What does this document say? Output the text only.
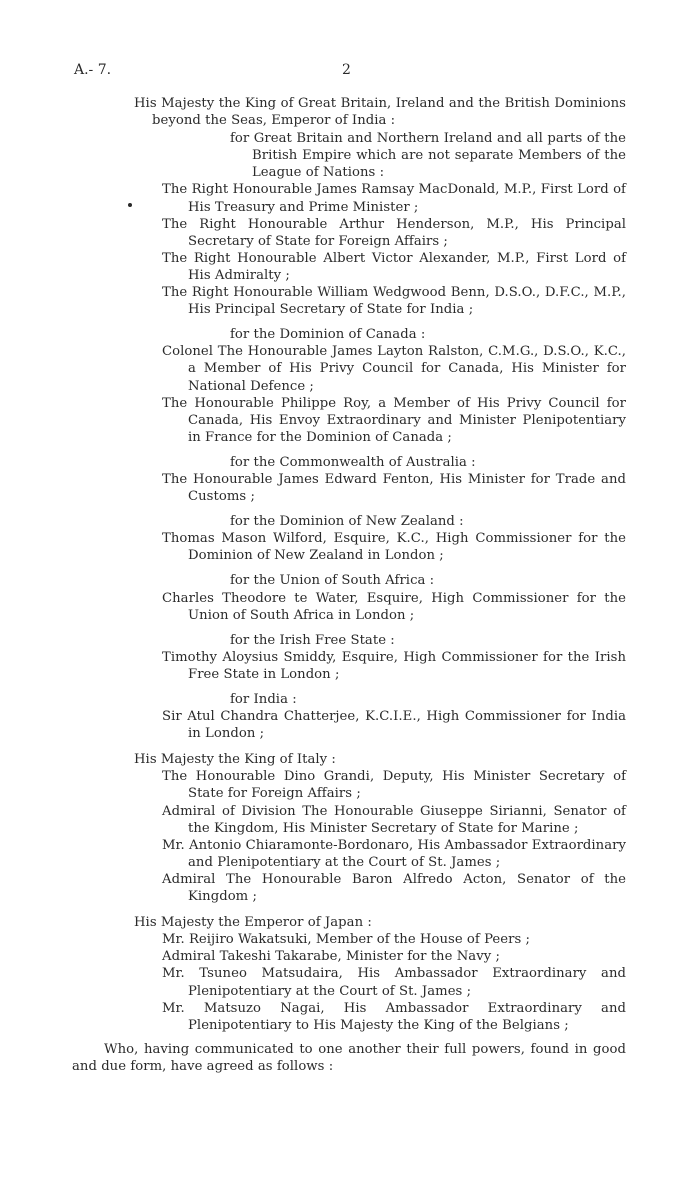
A.- 7.	2

His Majesty the King of Great Britain, Ireland and the British Dominions beyond the Seas, Emperor of India :

for Great Britain and Northern Ireland and all parts of the British Empire which are not separate Members of the League of Nations :

The Right Honourable James Ramsay MacDonald, M.P., First Lord of His Treasury and Prime Minister ;

The Right Honourable Arthur Henderson, M.P., His Principal Secretary of State for Foreign Affairs ;

The Right Honourable Albert Victor Alexander, M.P., First Lord of His Admiralty ;

The Right Honourable William Wedgwood Benn, D.S.O., D.F.C., M.P., His Principal Secretary of State for India ;

for the Dominion of Canada :

Colonel The Honourable James Layton Ralston, C.M.G., D.S.O., K.C., a Member of His Privy Council for Canada, His Minister for National Defence ;

The Honourable Philippe Roy, a Member of His Privy Council for Canada, His Envoy Extraordinary and Minister Plenipotentiary in France for the Dominion of Canada ;

for the Commonwealth of Australia :

The Honourable James Edward Fenton, His Minister for Trade and Customs ;

for the Dominion of New Zealand :

Thomas Mason Wilford, Esquire, K.C., High Commissioner for the Dominion of New Zealand in London ;

for the Union of South Africa :

Charles Theodore te Water, Esquire, High Commissioner for the Union of South Africa in London ;

for the Irish Free State :

Timothy Aloysius Smiddy, Esquire, High Commissioner for the Irish Free State in London ;

for India :

Sir Atul Chandra Chatterjee, K.C.I.E., High Commissioner for India in London ;

His Majesty the King of Italy :

The Honourable Dino Grandi, Deputy, His Minister Secretary of State for Foreign Affairs ;

Admiral of Division The Honourable Giuseppe Sirianni, Senator of the Kingdom, His Minister Secretary of State for Marine ;

Mr. Antonio Chiaramonte-Bordonaro, His Ambassador Extraordinary and Plenipotentiary at the Court of St. James ;

Admiral The Honourable Baron Alfredo Acton, Senator of the Kingdom ;

His Majesty the Emperor of Japan :

Mr. Reijiro Wakatsuki, Member of the House of Peers ;

Admiral Takeshi Takarabe, Minister for the Navy ;

Mr. Tsuneo Matsudaira, His Ambassador Extraordinary and Plenipotentiary at the Court of St. James ;

Mr. Matsuzo Nagai, His Ambassador Extraordinary and Plenipotentiary to His Majesty the King of the Belgians ;

Who, having communicated to one another their full powers, found in good and due form, have agreed as follows :
